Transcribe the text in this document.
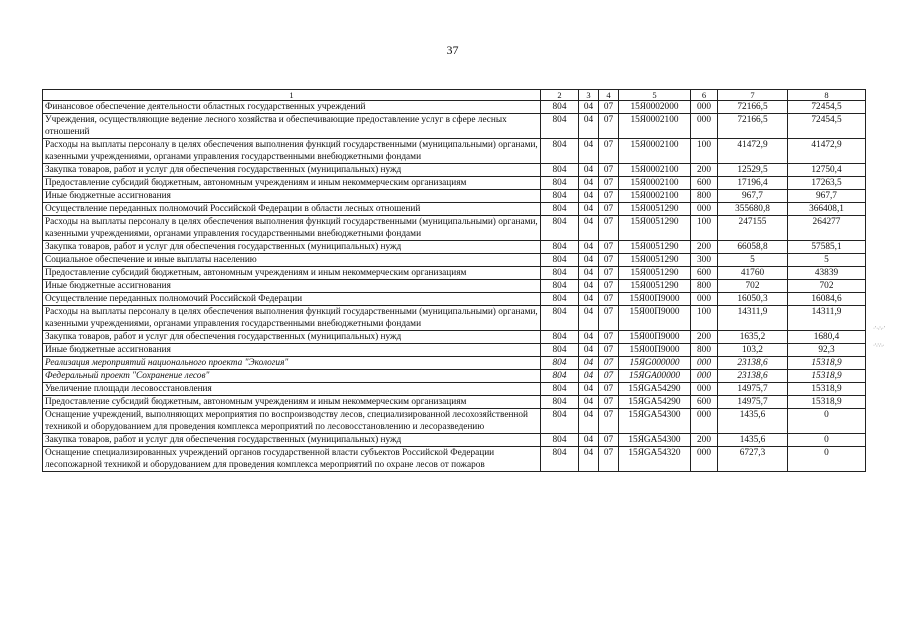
37
1	2	3	4	5	6	7	8
Финансовое обеспечение деятельности областных государственных учреждений	804	04	07	15Я0002000	000	72166,5	72454,5
Учреждения, осуществляющие ведение лесного хозяйства и обеспечивающие предоставление услуг в сфере лесных отношений	804	04	07	15Я0002100	000	72166,5	72454,5
Расходы на выплаты персоналу в целях обеспечения выполнения функций государственными (муниципальными) органами, казенными учреждениями, органами управления государственными внебюджетными фондами	804	04	07	15Я0002100	100	41472,9	41472,9
Закупка товаров, работ и услуг для обеспечения государственных (муниципальных) нужд	804	04	07	15Я0002100	200	12529,5	12750,4
Предоставление субсидий бюджетным, автономным учреждениям и иным некоммерческим организациям	804	04	07	15Я0002100	600	17196,4	17263,5
Иные бюджетные ассигнования	804	04	07	15Я0002100	800	967,7	967,7
Осуществление переданных полномочий Российской Федерации в области лесных отношений	804	04	07	15Я0051290	000	355680,8	366408,1
Расходы на выплаты персоналу в целях обеспечения выполнения функций государственными (муниципальными) органами, казенными учреждениями, органами управления государственными внебюджетными фондами	804	04	07	15Я0051290	100	247155	264277
Закупка товаров, работ и услуг для обеспечения государственных (муниципальных) нужд	804	04	07	15Я0051290	200	66058,8	57585,1
Социальное обеспечение и иные выплаты населению	804	04	07	15Я0051290	300	5	5
Предоставление субсидий бюджетным, автономным учреждениям и иным некоммерческим организациям	804	04	07	15Я0051290	600	41760	43839
Иные бюджетные ассигнования	804	04	07	15Я0051290	800	702	702
Осуществление переданных полномочий Российской Федерации	804	04	07	15Я00П9000	000	16050,3	16084,6
Расходы на выплаты персоналу в целях обеспечения выполнения функций государственными (муниципальными) органами, казенными учреждениями, органами управления государственными внебюджетными фондами	804	04	07	15Я00П9000	100	14311,9	14311,9
Закупка товаров, работ и услуг для обеспечения государственных (муниципальных) нужд	804	04	07	15Я00П9000	200	1635,2	1680,4
Иные бюджетные ассигнования	804	04	07	15Я00П9000	800	103,2	92,3
Реализация мероприятий национального проекта "Экология"	804	04	07	15ЯG000000	000	23138,6	15318,9
Федеральный проект "Сохранение лесов"	804	04	07	15ЯGA00000	000	23138,6	15318,9
Увеличение площади лесовосстановления	804	04	07	15ЯGA54290	000	14975,7	15318,9
Предоставление субсидий бюджетным, автономным учреждениям и иным некоммерческим организациям	804	04	07	15ЯGA54290	600	14975,7	15318,9
Оснащение учреждений, выполняющих мероприятия по воспроизводству лесов, специализированной лесохозяйственной техникой и оборудованием для проведения комплекса мероприятий по лесовосстановлению и лесоразведению	804	04	07	15ЯGA54300	000	1435,6	0
Закупка товаров, работ и услуг для обеспечения государственных (муниципальных) нужд	804	04	07	15ЯGA54300	200	1435,6	0
Оснащение специализированных учреждений органов государственной власти субъектов Российской Федерации лесопожарной техникой и оборудованием для проведения комплекса мероприятий по охране лесов от пожаров	804	04	07	15ЯGA54320	000	6727,3	0
·'·∴·'
·∵∴·
